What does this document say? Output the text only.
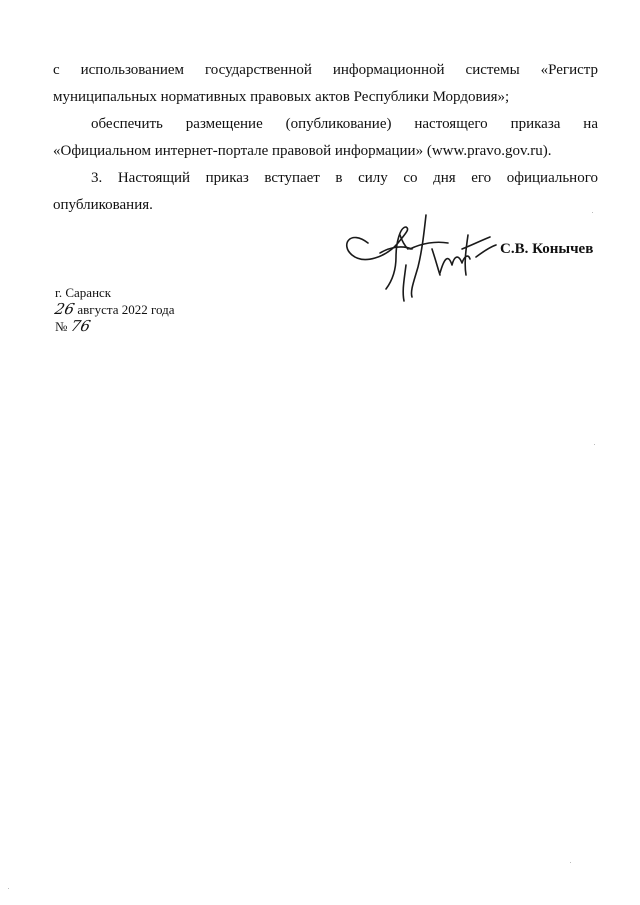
с использованием государственной информационной системы «Регистр
муниципальных нормативных правовых актов Республики Мордовия»;
обеспечить размещение (опубликование) настоящего приказа на
«Официальном интернет-портале правовой информации» (www.pravo.gov.ru).
3. Настоящий приказ вступает в силу со дня его официального
опубликования.
С.В. Конычев
г. Саранск
26 августа 2022 года
№ 76
